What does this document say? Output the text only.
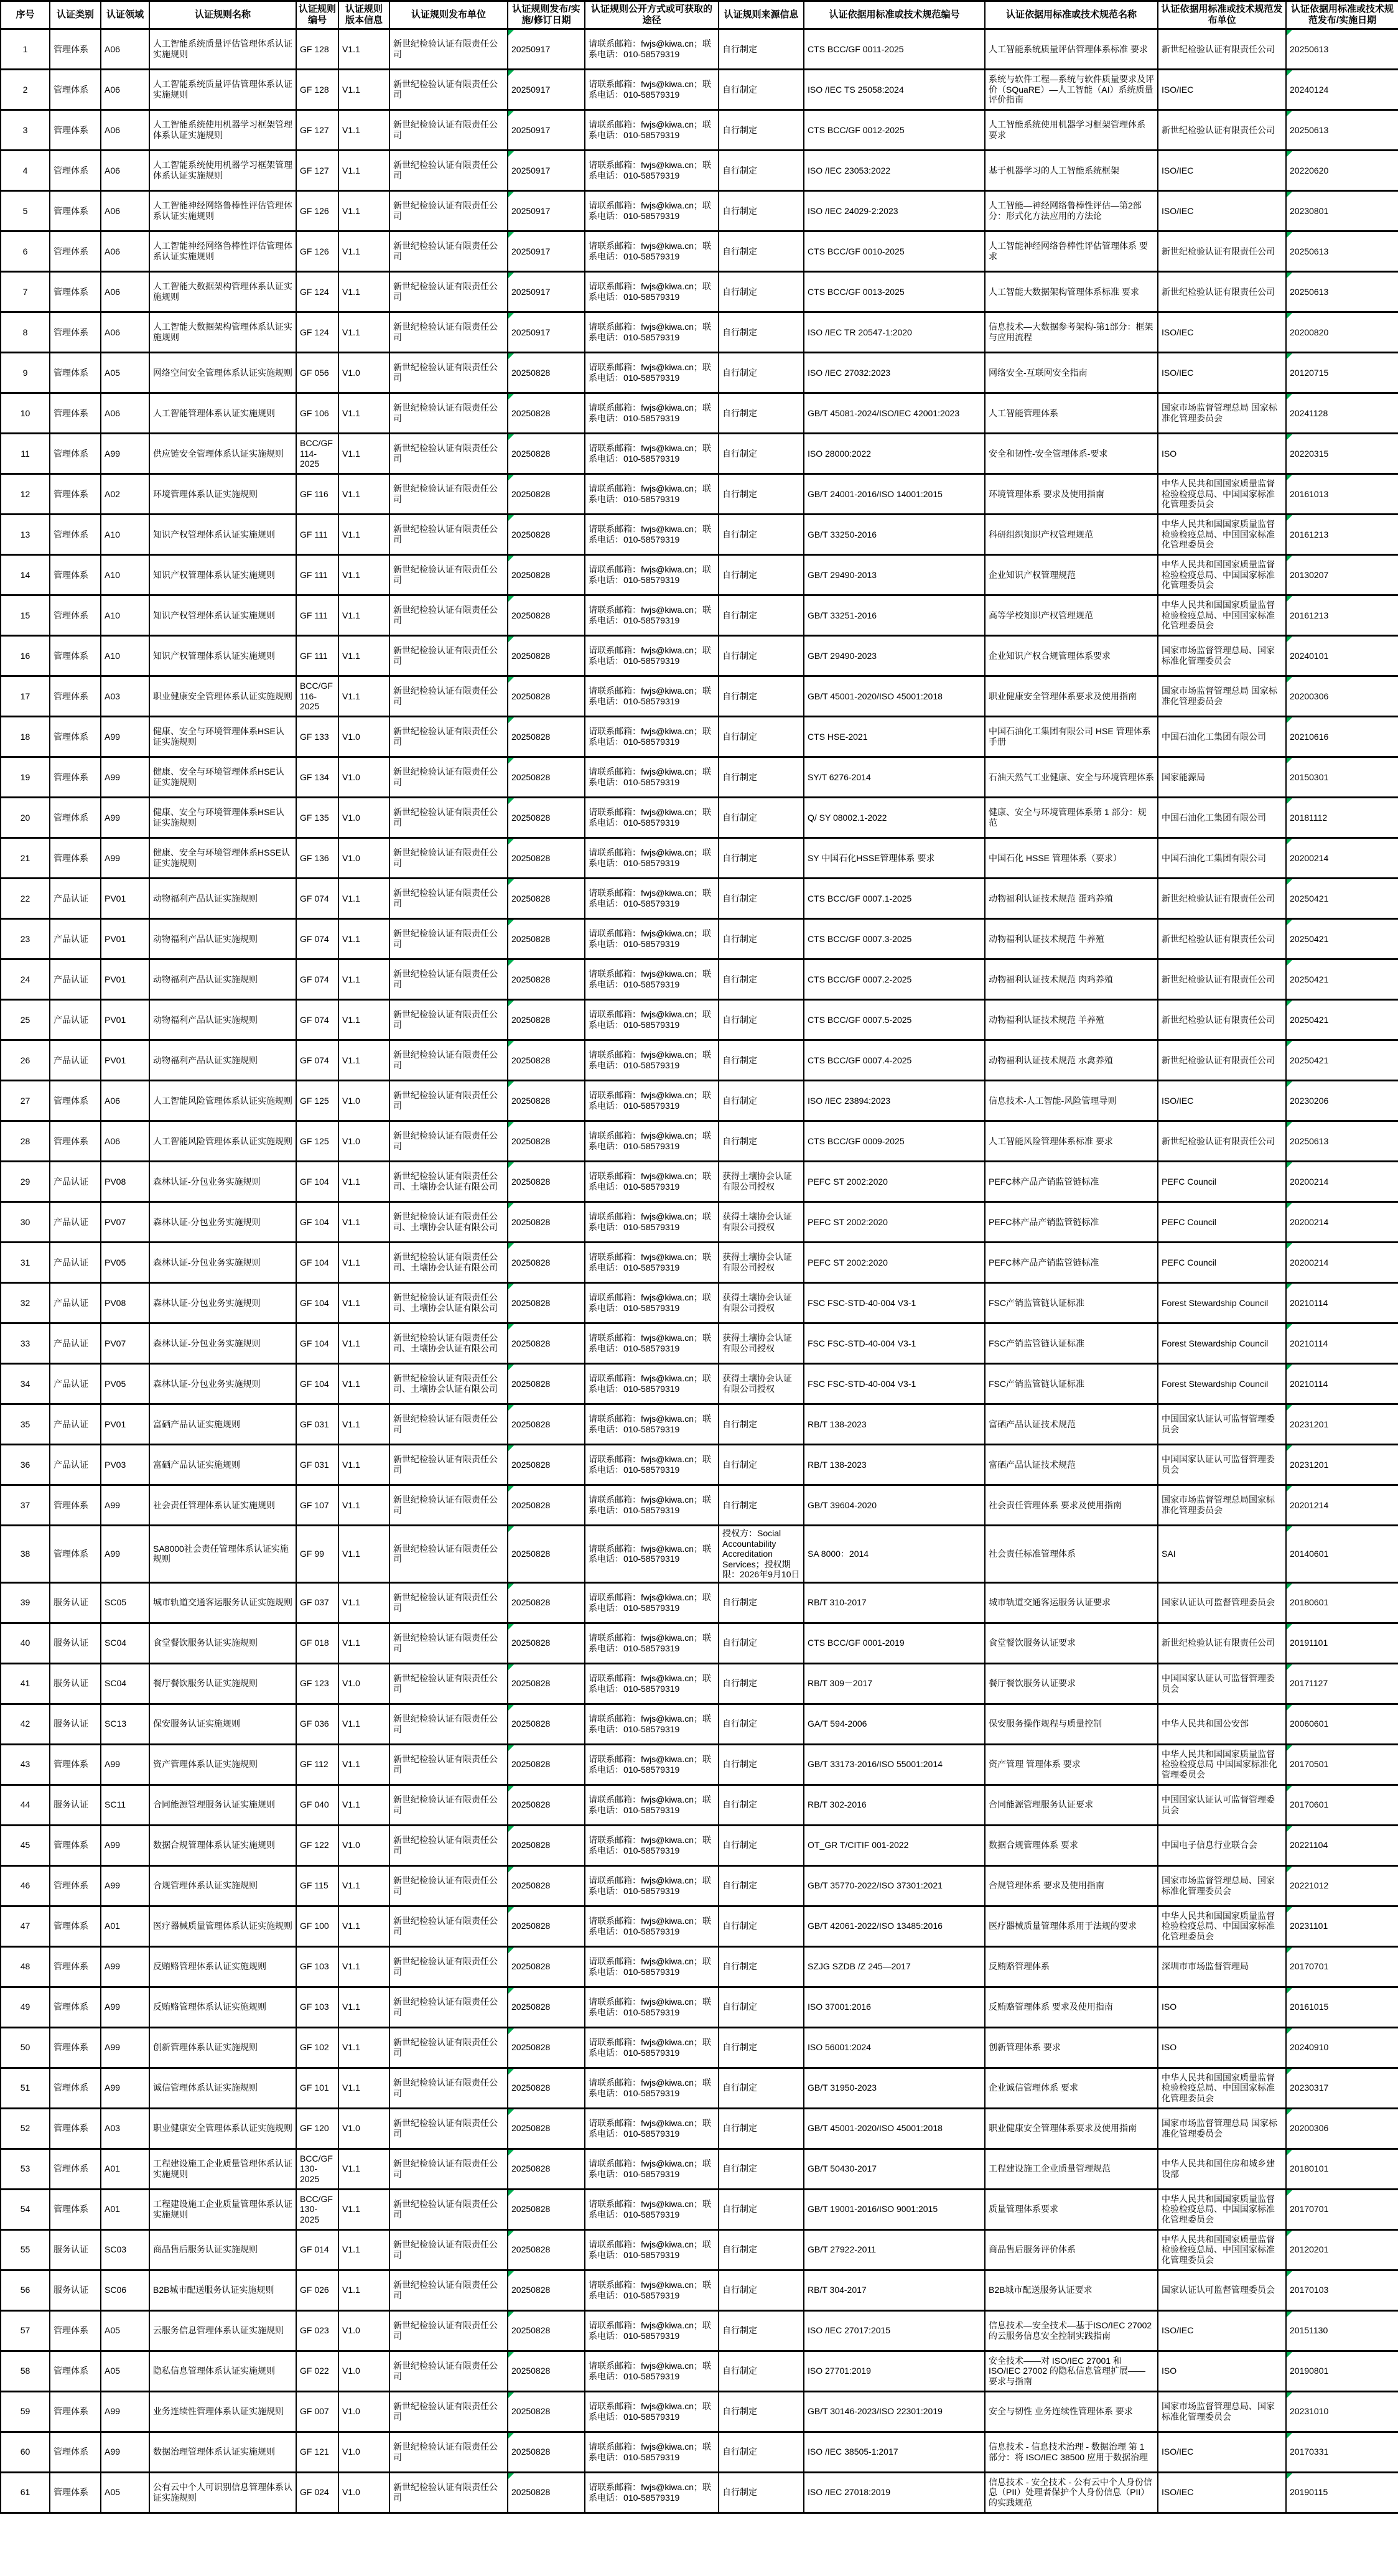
序号	认证类别	认证领域	认证规则名称	认证规则编号	认证规则版本信息	认证规则发布单位	认证规则发布/实施/修订日期	认证规则公开方式或可获取的途径	认证规则来源信息	认证依据用标准或技术规范编号	认证依据用标准或技术规范名称	认证依据用标准或技术规范发布单位	认证依据用标准或技术规范发布/实施日期
1	管理体系	A06	人工智能系统质量评估管理体系认证实施规则	GF 128	V1.1	新世纪检验认证有限责任公司	20250917	请联系邮箱：fwjs@kiwa.cn；联系电话：010-58579319	自行制定	CTS BCC/GF 0011-2025	人工智能系统质量评估管理体系标准 要求	新世纪检验认证有限责任公司	20250613
2	管理体系	A06	人工智能系统质量评估管理体系认证实施规则	GF 128	V1.1	新世纪检验认证有限责任公司	20250917	请联系邮箱：fwjs@kiwa.cn；联系电话：010-58579319	自行制定	ISO /IEC TS 25058:2024	系统与软件工程—系统与软件质量要求及评价（SQuaRE）—人工智能（AI）系统质量评价指南	ISO/IEC	20240124
3	管理体系	A06	人工智能系统使用机器学习框架管理体系认证实施规则	GF 127	V1.1	新世纪检验认证有限责任公司	20250917	请联系邮箱：fwjs@kiwa.cn；联系电话：010-58579319	自行制定	CTS BCC/GF 0012-2025	人工智能系统使用机器学习框架管理体系 要求	新世纪检验认证有限责任公司	20250613
4	管理体系	A06	人工智能系统使用机器学习框架管理体系认证实施规则	GF 127	V1.1	新世纪检验认证有限责任公司	20250917	请联系邮箱：fwjs@kiwa.cn；联系电话：010-58579319	自行制定	ISO /IEC 23053:2022	基于机器学习的人工智能系统框架	ISO/IEC	20220620
5	管理体系	A06	人工智能神经网络鲁棒性评估管理体系认证实施规则	GF 126	V1.1	新世纪检验认证有限责任公司	20250917	请联系邮箱：fwjs@kiwa.cn；联系电话：010-58579319	自行制定	ISO /IEC 24029-2:2023	人工智能—神经网络鲁棒性评估—第2部分：形式化方法应用的方法论	ISO/IEC	20230801
6	管理体系	A06	人工智能神经网络鲁棒性评估管理体系认证实施规则	GF 126	V1.1	新世纪检验认证有限责任公司	20250917	请联系邮箱：fwjs@kiwa.cn；联系电话：010-58579319	自行制定	CTS BCC/GF 0010-2025	人工智能神经网络鲁棒性评估管理体系 要求	新世纪检验认证有限责任公司	20250613
7	管理体系	A06	人工智能大数据架构管理体系认证实施规则	GF 124	V1.1	新世纪检验认证有限责任公司	20250917	请联系邮箱：fwjs@kiwa.cn；联系电话：010-58579319	自行制定	CTS BCC/GF 0013-2025	人工智能大数据架构管理体系标准 要求	新世纪检验认证有限责任公司	20250613
8	管理体系	A06	人工智能大数据架构管理体系认证实施规则	GF 124	V1.1	新世纪检验认证有限责任公司	20250917	请联系邮箱：fwjs@kiwa.cn；联系电话：010-58579319	自行制定	ISO /IEC TR 20547-1:2020	信息技术—大数据参考架构-第1部分：框架与应用流程	ISO/IEC	20200820
9	管理体系	A05	网络空间安全管理体系认证实施规则	GF 056	V1.0	新世纪检验认证有限责任公司	20250828	请联系邮箱：fwjs@kiwa.cn；联系电话：010-58579319	自行制定	ISO /IEC 27032:2023	网络安全-互联网安全指南	ISO/IEC	20120715
10	管理体系	A06	人工智能管理体系认证实施规则	GF 106	V1.1	新世纪检验认证有限责任公司	20250828	请联系邮箱：fwjs@kiwa.cn；联系电话：010-58579319	自行制定	GB/T 45081-2024/ISO/IEC 42001:2023	人工智能管理体系	国家市场监督管理总局 国家标准化管理委员会	20241128
11	管理体系	A99	供应链安全管理体系认证实施规则	BCC/GF 114-2025	V1.1	新世纪检验认证有限责任公司	20250828	请联系邮箱：fwjs@kiwa.cn；联系电话：010-58579319	自行制定	ISO 28000:2022	安全和韧性-安全管理体系-要求	ISO	20220315
12	管理体系	A02	环境管理体系认证实施规则	GF 116	V1.1	新世纪检验认证有限责任公司	20250828	请联系邮箱：fwjs@kiwa.cn；联系电话：010-58579319	自行制定	GB/T 24001-2016/ISO 14001:2015	环境管理体系 要求及使用指南	中华人民共和国国家质量监督检验检疫总局、中国国家标准化管理委员会	20161013
13	管理体系	A10	知识产权管理体系认证实施规则	GF 111	V1.1	新世纪检验认证有限责任公司	20250828	请联系邮箱：fwjs@kiwa.cn；联系电话：010-58579319	自行制定	GB/T 33250-2016	科研组织知识产权管理规范	中华人民共和国国家质量监督检验检疫总局、中国国家标准化管理委员会	20161213
14	管理体系	A10	知识产权管理体系认证实施规则	GF 111	V1.1	新世纪检验认证有限责任公司	20250828	请联系邮箱：fwjs@kiwa.cn；联系电话：010-58579319	自行制定	GB/T 29490-2013	企业知识产权管理规范	中华人民共和国国家质量监督检验检疫总局、中国国家标准化管理委员会	20130207
15	管理体系	A10	知识产权管理体系认证实施规则	GF 111	V1.1	新世纪检验认证有限责任公司	20250828	请联系邮箱：fwjs@kiwa.cn；联系电话：010-58579319	自行制定	GB/T 33251-2016	高等学校知识产权管理规范	中华人民共和国国家质量监督检验检疫总局、中国国家标准化管理委员会	20161213
16	管理体系	A10	知识产权管理体系认证实施规则	GF 111	V1.1	新世纪检验认证有限责任公司	20250828	请联系邮箱：fwjs@kiwa.cn；联系电话：010-58579319	自行制定	GB/T 29490-2023	企业知识产权合规管理体系要求	国家市场监督管理总局、国家标准化管理委员会	20240101
17	管理体系	A03	职业健康安全管理体系认证实施规则	BCC/GF 116-2025	V1.1	新世纪检验认证有限责任公司	20250828	请联系邮箱：fwjs@kiwa.cn；联系电话：010-58579319	自行制定	GB/T 45001-2020/ISO 45001:2018	职业健康安全管理体系要求及使用指南	国家市场监督管理总局 国家标准化管理委员会	20200306
18	管理体系	A99	健康、安全与环境管理体系HSE认证实施规则	GF 133	V1.0	新世纪检验认证有限责任公司	20250828	请联系邮箱：fwjs@kiwa.cn；联系电话：010-58579319	自行制定	CTS HSE-2021	中国石油化工集团有限公司 HSE 管理体系手册	中国石油化工集团有限公司	20210616
19	管理体系	A99	健康、安全与环境管理体系HSE认证实施规则	GF 134	V1.0	新世纪检验认证有限责任公司	20250828	请联系邮箱：fwjs@kiwa.cn；联系电话：010-58579319	自行制定	SY/T 6276-2014	石油天然气工业健康、安全与环境管理体系	国家能源局	20150301
20	管理体系	A99	健康、安全与环境管理体系HSE认证实施规则	GF 135	V1.0	新世纪检验认证有限责任公司	20250828	请联系邮箱：fwjs@kiwa.cn；联系电话：010-58579319	自行制定	Q/ SY 08002.1-2022	健康、安全与环境管理体系第 1 部分：规范	中国石油化工集团有限公司	20181112
21	管理体系	A99	健康、安全与环境管理体系HSSE认证实施规则	GF 136	V1.0	新世纪检验认证有限责任公司	20250828	请联系邮箱：fwjs@kiwa.cn；联系电话：010-58579319	自行制定	SY 中国石化HSSE管理体系 要求	中国石化 HSSE 管理体系（要求）	中国石油化工集团有限公司	20200214
22	产品认证	PV01	动物福利产品认证实施规则	GF 074	V1.1	新世纪检验认证有限责任公司	20250828	请联系邮箱：fwjs@kiwa.cn；联系电话：010-58579319	自行制定	CTS BCC/GF 0007.1-2025	动物福利认证技术规范 蛋鸡养殖	新世纪检验认证有限责任公司	20250421
23	产品认证	PV01	动物福利产品认证实施规则	GF 074	V1.1	新世纪检验认证有限责任公司	20250828	请联系邮箱：fwjs@kiwa.cn；联系电话：010-58579319	自行制定	CTS BCC/GF 0007.3-2025	动物福利认证技术规范 牛养殖	新世纪检验认证有限责任公司	20250421
24	产品认证	PV01	动物福利产品认证实施规则	GF 074	V1.1	新世纪检验认证有限责任公司	20250828	请联系邮箱：fwjs@kiwa.cn；联系电话：010-58579319	自行制定	CTS BCC/GF 0007.2-2025	动物福利认证技术规范 肉鸡养殖	新世纪检验认证有限责任公司	20250421
25	产品认证	PV01	动物福利产品认证实施规则	GF 074	V1.1	新世纪检验认证有限责任公司	20250828	请联系邮箱：fwjs@kiwa.cn；联系电话：010-58579319	自行制定	CTS BCC/GF 0007.5-2025	动物福利认证技术规范 羊养殖	新世纪检验认证有限责任公司	20250421
26	产品认证	PV01	动物福利产品认证实施规则	GF 074	V1.1	新世纪检验认证有限责任公司	20250828	请联系邮箱：fwjs@kiwa.cn；联系电话：010-58579319	自行制定	CTS BCC/GF 0007.4-2025	动物福利认证技术规范 水禽养殖	新世纪检验认证有限责任公司	20250421
27	管理体系	A06	人工智能风险管理体系认证实施规则	GF 125	V1.0	新世纪检验认证有限责任公司	20250828	请联系邮箱：fwjs@kiwa.cn；联系电话：010-58579319	自行制定	ISO /IEC 23894:2023	信息技术-人工智能-风险管理导则	ISO/IEC	20230206
28	管理体系	A06	人工智能风险管理体系认证实施规则	GF 125	V1.0	新世纪检验认证有限责任公司	20250828	请联系邮箱：fwjs@kiwa.cn；联系电话：010-58579319	自行制定	CTS BCC/GF 0009-2025	人工智能风险管理体系标准 要求	新世纪检验认证有限责任公司	20250613
29	产品认证	PV08	森林认证-分包业务实施规则	GF 104	V1.1	新世纪检验认证有限责任公司、土壤协会认证有限公司	20250828	请联系邮箱：fwjs@kiwa.cn；联系电话：010-58579319	获得土壤协会认证有限公司授权	PEFC ST 2002:2020	PEFC林产品产销监管链标准	PEFC Council	20200214
30	产品认证	PV07	森林认证-分包业务实施规则	GF 104	V1.1	新世纪检验认证有限责任公司、土壤协会认证有限公司	20250828	请联系邮箱：fwjs@kiwa.cn；联系电话：010-58579319	获得土壤协会认证有限公司授权	PEFC ST 2002:2020	PEFC林产品产销监管链标准	PEFC Council	20200214
31	产品认证	PV05	森林认证-分包业务实施规则	GF 104	V1.1	新世纪检验认证有限责任公司、土壤协会认证有限公司	20250828	请联系邮箱：fwjs@kiwa.cn；联系电话：010-58579319	获得土壤协会认证有限公司授权	PEFC ST 2002:2020	PEFC林产品产销监管链标准	PEFC Council	20200214
32	产品认证	PV08	森林认证-分包业务实施规则	GF 104	V1.1	新世纪检验认证有限责任公司、土壤协会认证有限公司	20250828	请联系邮箱：fwjs@kiwa.cn；联系电话：010-58579319	获得土壤协会认证有限公司授权	FSC FSC-STD-40-004 V3-1	FSC产销监管链认证标准	Forest Stewardship Council	20210114
33	产品认证	PV07	森林认证-分包业务实施规则	GF 104	V1.1	新世纪检验认证有限责任公司、土壤协会认证有限公司	20250828	请联系邮箱：fwjs@kiwa.cn；联系电话：010-58579319	获得土壤协会认证有限公司授权	FSC FSC-STD-40-004 V3-1	FSC产销监管链认证标准	Forest Stewardship Council	20210114
34	产品认证	PV05	森林认证-分包业务实施规则	GF 104	V1.1	新世纪检验认证有限责任公司、土壤协会认证有限公司	20250828	请联系邮箱：fwjs@kiwa.cn；联系电话：010-58579319	获得土壤协会认证有限公司授权	FSC FSC-STD-40-004 V3-1	FSC产销监管链认证标准	Forest Stewardship Council	20210114
35	产品认证	PV01	富硒产品认证实施规则	GF 031	V1.1	新世纪检验认证有限责任公司	20250828	请联系邮箱：fwjs@kiwa.cn；联系电话：010-58579319	自行制定	RB/T 138-2023	富硒产品认证技术规范	中国国家认证认可监督管理委员会	20231201
36	产品认证	PV03	富硒产品认证实施规则	GF 031	V1.1	新世纪检验认证有限责任公司	20250828	请联系邮箱：fwjs@kiwa.cn；联系电话：010-58579319	自行制定	RB/T 138-2023	富硒产品认证技术规范	中国国家认证认可监督管理委员会	20231201
37	管理体系	A99	社会责任管理体系认证实施规则	GF 107	V1.1	新世纪检验认证有限责任公司	20250828	请联系邮箱：fwjs@kiwa.cn；联系电话：010-58579319	自行制定	GB/T 39604-2020	社会责任管理体系 要求及使用指南	国家市场监督管理总局国家标准化管理委员会	20201214
38	管理体系	A99	SA8000社会责任管理体系认证实施规则	GF 99	V1.1	新世纪检验认证有限责任公司	20250828	请联系邮箱：fwjs@kiwa.cn；联系电话：010-58579319	授权方：Social Accountability Accreditation Services；授权期限：2026年9月10日	SA 8000：2014	社会责任标准管理体系	SAI	20140601
39	服务认证	SC05	城市轨道交通客运服务认证实施规则	GF 037	V1.1	新世纪检验认证有限责任公司	20250828	请联系邮箱：fwjs@kiwa.cn；联系电话：010-58579319	自行制定	RB/T 310-2017	城市轨道交通客运服务认证要求	国家认证认可监督管理委员会	20180601
40	服务认证	SC04	食堂餐饮服务认证实施规则	GF 018	V1.1	新世纪检验认证有限责任公司	20250828	请联系邮箱：fwjs@kiwa.cn；联系电话：010-58579319	自行制定	CTS BCC/GF 0001-2019	食堂餐饮服务认证要求	新世纪检验认证有限责任公司	20191101
41	服务认证	SC04	餐厅餐饮服务认证实施规则	GF 123	V1.0	新世纪检验认证有限责任公司	20250828	请联系邮箱：fwjs@kiwa.cn；联系电话：010-58579319	自行制定	RB/T 309－2017	餐厅餐饮服务认证要求	中国国家认证认可监督管理委员会	20171127
42	服务认证	SC13	保安服务认证实施规则	GF 036	V1.1	新世纪检验认证有限责任公司	20250828	请联系邮箱：fwjs@kiwa.cn；联系电话：010-58579319	自行制定	GA/T 594-2006	保安服务操作规程与质量控制	中华人民共和国公安部	20060601
43	管理体系	A99	资产管理体系认证实施规则	GF 112	V1.1	新世纪检验认证有限责任公司	20250828	请联系邮箱：fwjs@kiwa.cn；联系电话：010-58579319	自行制定	GB/T 33173-2016/ISO 55001:2014	资产管理 管理体系 要求	中华人民共和国国家质量监督检验检疫总局 中国国家标准化管理委员会	20170501
44	服务认证	SC11	合同能源管理服务认证实施规则	GF 040	V1.1	新世纪检验认证有限责任公司	20250828	请联系邮箱：fwjs@kiwa.cn；联系电话：010-58579319	自行制定	RB/T 302-2016	合同能源管理服务认证要求	中国国家认证认可监督管理委员会	20170601
45	管理体系	A99	数据合规管理体系认证实施规则	GF 122	V1.0	新世纪检验认证有限责任公司	20250828	请联系邮箱：fwjs@kiwa.cn；联系电话：010-58579319	自行制定	OT_GR T/CITIF 001-2022	数据合规管理体系 要求	中国电子信息行业联合会	20221104
46	管理体系	A99	合规管理体系认证实施规则	GF 115	V1.1	新世纪检验认证有限责任公司	20250828	请联系邮箱：fwjs@kiwa.cn；联系电话：010-58579319	自行制定	GB/T 35770-2022/ISO 37301:2021	合规管理体系 要求及使用指南	国家市场监督管理总局、国家标准化管理委员会	20221012
47	管理体系	A01	医疗器械质量管理体系认证实施规则	GF 100	V1.1	新世纪检验认证有限责任公司	20250828	请联系邮箱：fwjs@kiwa.cn；联系电话：010-58579319	自行制定	GB/T 42061-2022/ISO 13485:2016	医疗器械质量管理体系用于法规的要求	中华人民共和国国家质量监督检验检疫总局、中国国家标准化管理委员会	20231101
48	管理体系	A99	反贿赂管理体系认证实施规则	GF 103	V1.1	新世纪检验认证有限责任公司	20250828	请联系邮箱：fwjs@kiwa.cn；联系电话：010-58579319	自行制定	SZJG SZDB /Z 245—2017	反贿赂管理体系	深圳市市场监督管理局	20170701
49	管理体系	A99	反贿赂管理体系认证实施规则	GF 103	V1.1	新世纪检验认证有限责任公司	20250828	请联系邮箱：fwjs@kiwa.cn；联系电话：010-58579319	自行制定	ISO 37001:2016	反贿赂管理体系 要求及使用指南	ISO	20161015
50	管理体系	A99	创新管理体系认证实施规则	GF 102	V1.1	新世纪检验认证有限责任公司	20250828	请联系邮箱：fwjs@kiwa.cn；联系电话：010-58579319	自行制定	ISO 56001:2024	创新管理体系 要求	ISO	20240910
51	管理体系	A99	诚信管理体系认证实施规则	GF 101	V1.1	新世纪检验认证有限责任公司	20250828	请联系邮箱：fwjs@kiwa.cn；联系电话：010-58579319	自行制定	GB/T 31950-2023	企业诚信管理体系 要求	中华人民共和国国家质量监督检验检疫总局、中国国家标准化管理委员会	20230317
52	管理体系	A03	职业健康安全管理体系认证实施规则	GF 120	V1.0	新世纪检验认证有限责任公司	20250828	请联系邮箱：fwjs@kiwa.cn；联系电话：010-58579319	自行制定	GB/T 45001-2020/ISO 45001:2018	职业健康安全管理体系要求及使用指南	国家市场监督管理总局 国家标准化管理委员会	20200306
53	管理体系	A01	工程建设施工企业质量管理体系认证实施规则	BCC/GF 130-2025	V1.1	新世纪检验认证有限责任公司	20250828	请联系邮箱：fwjs@kiwa.cn；联系电话：010-58579319	自行制定	GB/T 50430-2017	工程建设施工企业质量管理规范	中华人民共和国住房和城乡建设部	20180101
54	管理体系	A01	工程建设施工企业质量管理体系认证实施规则	BCC/GF 130-2025	V1.1	新世纪检验认证有限责任公司	20250828	请联系邮箱：fwjs@kiwa.cn；联系电话：010-58579319	自行制定	GB/T 19001-2016/ISO 9001:2015	质量管理体系要求	中华人民共和国国家质量监督检验检疫总局、中国国家标准化管理委员会	20170701
55	服务认证	SC03	商品售后服务认证实施规则	GF 014	V1.1	新世纪检验认证有限责任公司	20250828	请联系邮箱：fwjs@kiwa.cn；联系电话：010-58579319	自行制定	GB/T 27922-2011	商品售后服务评价体系	中华人民共和国国家质量监督检验检疫总局、中国国家标准化管理委员会	20120201
56	服务认证	SC06	B2B城市配送服务认证实施规则	GF 026	V1.1	新世纪检验认证有限责任公司	20250828	请联系邮箱：fwjs@kiwa.cn；联系电话：010-58579319	自行制定	RB/T 304-2017	B2B城市配送服务认证要求	国家认证认可监督管理委员会	20170103
57	管理体系	A05	云服务信息管理体系认证实施规则	GF 023	V1.0	新世纪检验认证有限责任公司	20250828	请联系邮箱：fwjs@kiwa.cn；联系电话：010-58579319	自行制定	ISO /IEC 27017:2015	信息技术—安全技术—基于ISO/IEC 27002的云服务信息安全控制实践指南	ISO/IEC	20151130
58	管理体系	A05	隐私信息管理体系认证实施规则	GF 022	V1.0	新世纪检验认证有限责任公司	20250828	请联系邮箱：fwjs@kiwa.cn；联系电话：010-58579319	自行制定	ISO 27701:2019	安全技术——对 ISO/IEC 27001 和 ISO/IEC 27002 的隐私信息管理扩展——要求与指南	ISO	20190801
59	管理体系	A99	业务连续性管理体系认证实施规则	GF 007	V1.0	新世纪检验认证有限责任公司	20250828	请联系邮箱：fwjs@kiwa.cn；联系电话：010-58579319	自行制定	GB/T 30146-2023/ISO 22301:2019	安全与韧性 业务连续性管理体系 要求	国家市场监督管理总局、国家标准化管理委员会	20231010
60	管理体系	A99	数据治理管理体系认证实施规则	GF 121	V1.0	新世纪检验认证有限责任公司	20250828	请联系邮箱：fwjs@kiwa.cn；联系电话：010-58579319	自行制定	ISO /IEC 38505-1:2017	信息技术 - 信息技术治理 - 数据治理 第 1 部分：将 ISO/IEC 38500 应用于数据治理	ISO/IEC	20170331
61	管理体系	A05	公有云中个人可识别信息管理体系认证实施规则	GF 024	V1.0	新世纪检验认证有限责任公司	20250828	请联系邮箱：fwjs@kiwa.cn；联系电话：010-58579319	自行制定	ISO /IEC 27018:2019	信息技术 - 安全技术 - 公有云中个人身份信息（PII）处理者保护个人身份信息（PII）的实践规范	ISO/IEC	20190115
